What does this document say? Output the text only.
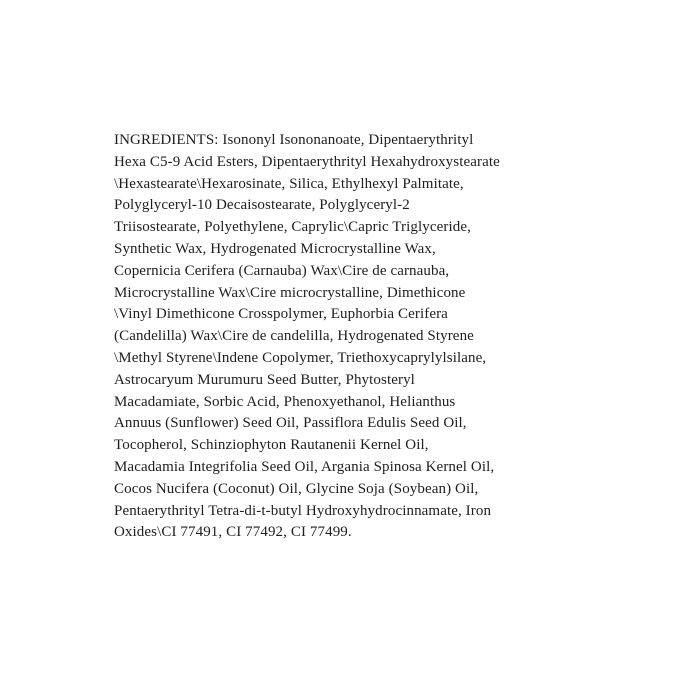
INGREDIENTS: Isononyl Isononanoate, Dipentaerythrityl
Hexa C5-9 Acid Esters, Dipentaerythrityl Hexahydroxystearate
\Hexastearate\Hexarosinate, Silica, Ethylhexyl Palmitate,
Polyglyceryl-10 Decaisostearate, Polyglyceryl-2
Triisostearate, Polyethylene, Caprylic\Capric Triglyceride,
Synthetic Wax, Hydrogenated Microcrystalline Wax,
Copernicia Cerifera (Carnauba) Wax\Cire de carnauba,
Microcrystalline Wax\Cire microcrystalline, Dimethicone
\Vinyl Dimethicone Crosspolymer, Euphorbia Cerifera
(Candelilla) Wax\Cire de candelilla, Hydrogenated Styrene
\Methyl Styrene\Indene Copolymer, Triethoxycaprylylsilane,
Astrocaryum Murumuru Seed Butter, Phytosteryl
Macadamiate, Sorbic Acid, Phenoxyethanol, Helianthus
Annuus (Sunflower) Seed Oil, Passiflora Edulis Seed Oil,
Tocopherol, Schinziophyton Rautanenii Kernel Oil,
Macadamia Integrifolia Seed Oil, Argania Spinosa Kernel Oil,
Cocos Nucifera (Coconut) Oil, Glycine Soja (Soybean) Oil,
Pentaerythrityl Tetra-di-t-butyl Hydroxyhydrocinnamate, Iron
Oxides\CI 77491, CI 77492, CI 77499.
